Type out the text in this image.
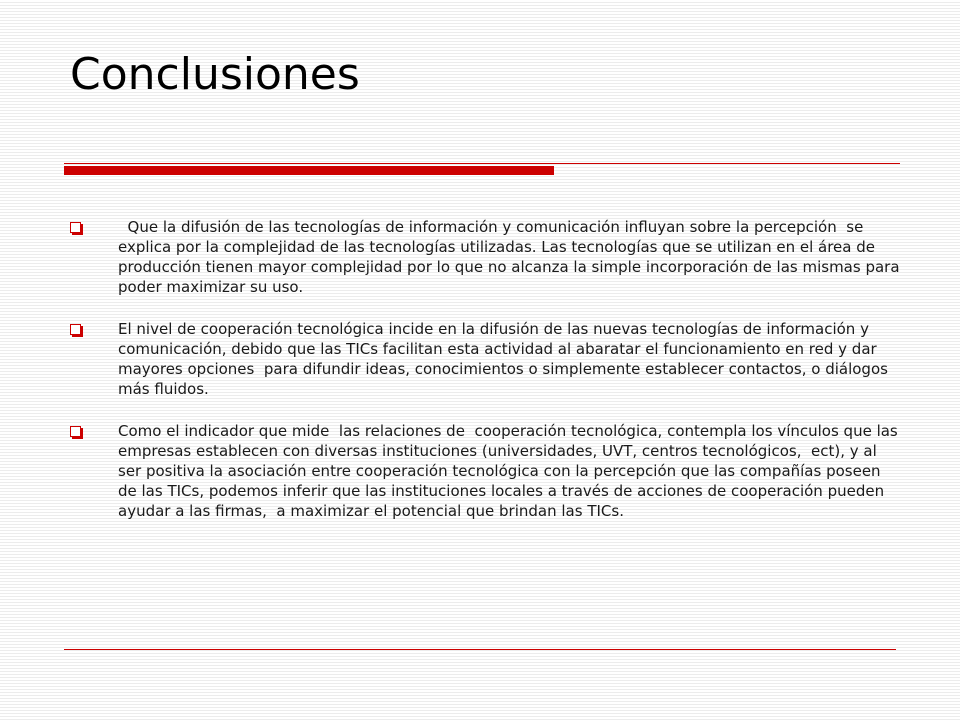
Conclusiones
Que la difusión de las tecnologías de información y comunicación influyan sobre la percepción  se explica por la complejidad de las tecnologías utilizadas. Las tecnologías que se utilizan en el área de producción tienen mayor complejidad por lo que no alcanza la simple incorporación de las mismas para poder maximizar su uso.
El nivel de cooperación tecnológica incide en la difusión de las nuevas tecnologías de información y comunicación, debido que las TICs facilitan esta actividad al abaratar el funcionamiento en red y dar mayores opciones  para difundir ideas, conocimientos o simplemente establecer contactos, o diálogos más fluidos.
Como el indicador que mide  las relaciones de  cooperación tecnológica, contempla los vínculos que las empresas establecen con diversas instituciones (universidades, UVT, centros tecnológicos,  ect), y al ser positiva la asociación entre cooperación tecnológica con la percepción que las compañías poseen de las TICs, podemos inferir que las instituciones locales a través de acciones de cooperación pueden ayudar a las firmas,  a maximizar el potencial que brindan las TICs.
